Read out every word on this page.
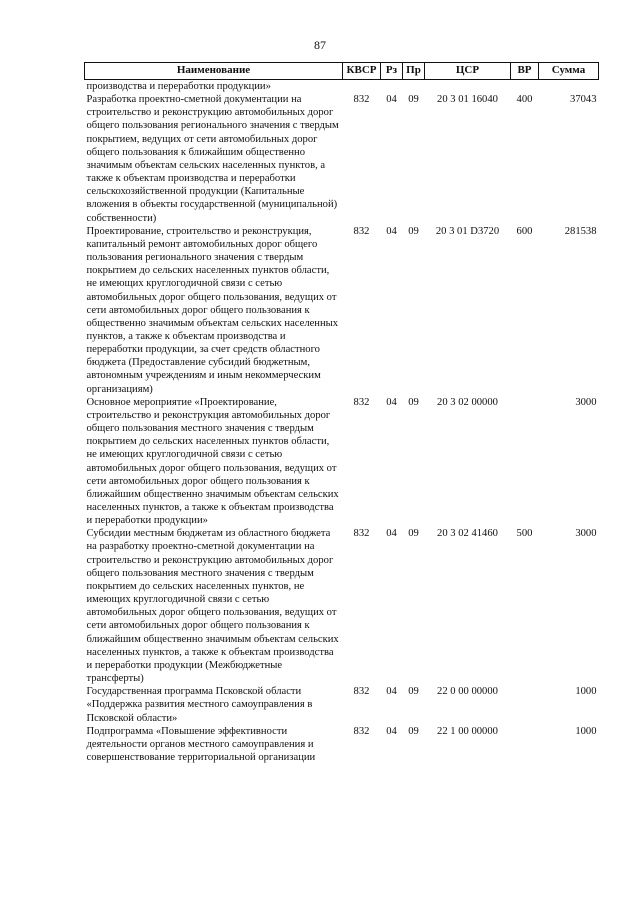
87
Наименование	КВСР	Рз	Пр	ЦСР	ВР	Сумма
производства и переработки продукции»						
Разработка проектно-сметной документации на строительство и реконструкцию автомобильных дорог общего пользования регионального значения с твердым покрытием, ведущих от сети автомобильных дорог общего пользования к ближайшим общественно значимым объектам сельских населенных пунктов, а также к объектам производства и переработки сельскохозяйственной продукции (Капитальные вложения в объекты государственной (муниципальной) собственности)	832	04	09	20 3 01 16040	400	37043
Проектирование, строительство и реконструкция, капитальный ремонт автомобильных дорог общего пользования регионального значения с твердым покрытием до сельских населенных пунктов области, не имеющих круглогодичной связи с сетью автомобильных дорог общего пользования, ведущих от сети автомобильных дорог общего пользования к общественно значимым объектам сельских населенных пунктов, а также к объектам производства и переработки продукции, за счет средств областного бюджета (Предоставление субсидий бюджетным, автономным учреждениям и иным некоммерческим организациям)	832	04	09	20 3 01 D3720	600	281538
Основное мероприятие «Проектирование, строительство и реконструкция автомобильных дорог общего пользования местного значения с твердым покрытием до сельских населенных пунктов области, не имеющих круглогодичной связи с сетью автомобильных дорог общего пользования, ведущих от сети автомобильных дорог общего пользования к ближайшим общественно значимым объектам сельских населенных пунктов, а также к объектам производства и переработки продукции»	832	04	09	20 3 02 00000		3000
Субсидии местным бюджетам из областного бюджета на разработку проектно-сметной документации на строительство и реконструкцию автомобильных дорог общего пользования местного значения с твердым покрытием до сельских населенных пунктов, не имеющих круглогодичной связи с сетью автомобильных дорог общего пользования, ведущих от сети автомобильных дорог общего пользования к ближайшим общественно значимым объектам сельских населенных пунктов, а также к объектам производства и переработки продукции (Межбюджетные трансферты)	832	04	09	20 3 02 41460	500	3000
Государственная программа Псковской области «Поддержка развития местного самоуправления в Псковской области»	832	04	09	22 0 00 00000		1000
Подпрограмма «Повышение эффективности деятельности органов местного самоуправления и совершенствование территориальной организации	832	04	09	22 1 00 00000		1000
